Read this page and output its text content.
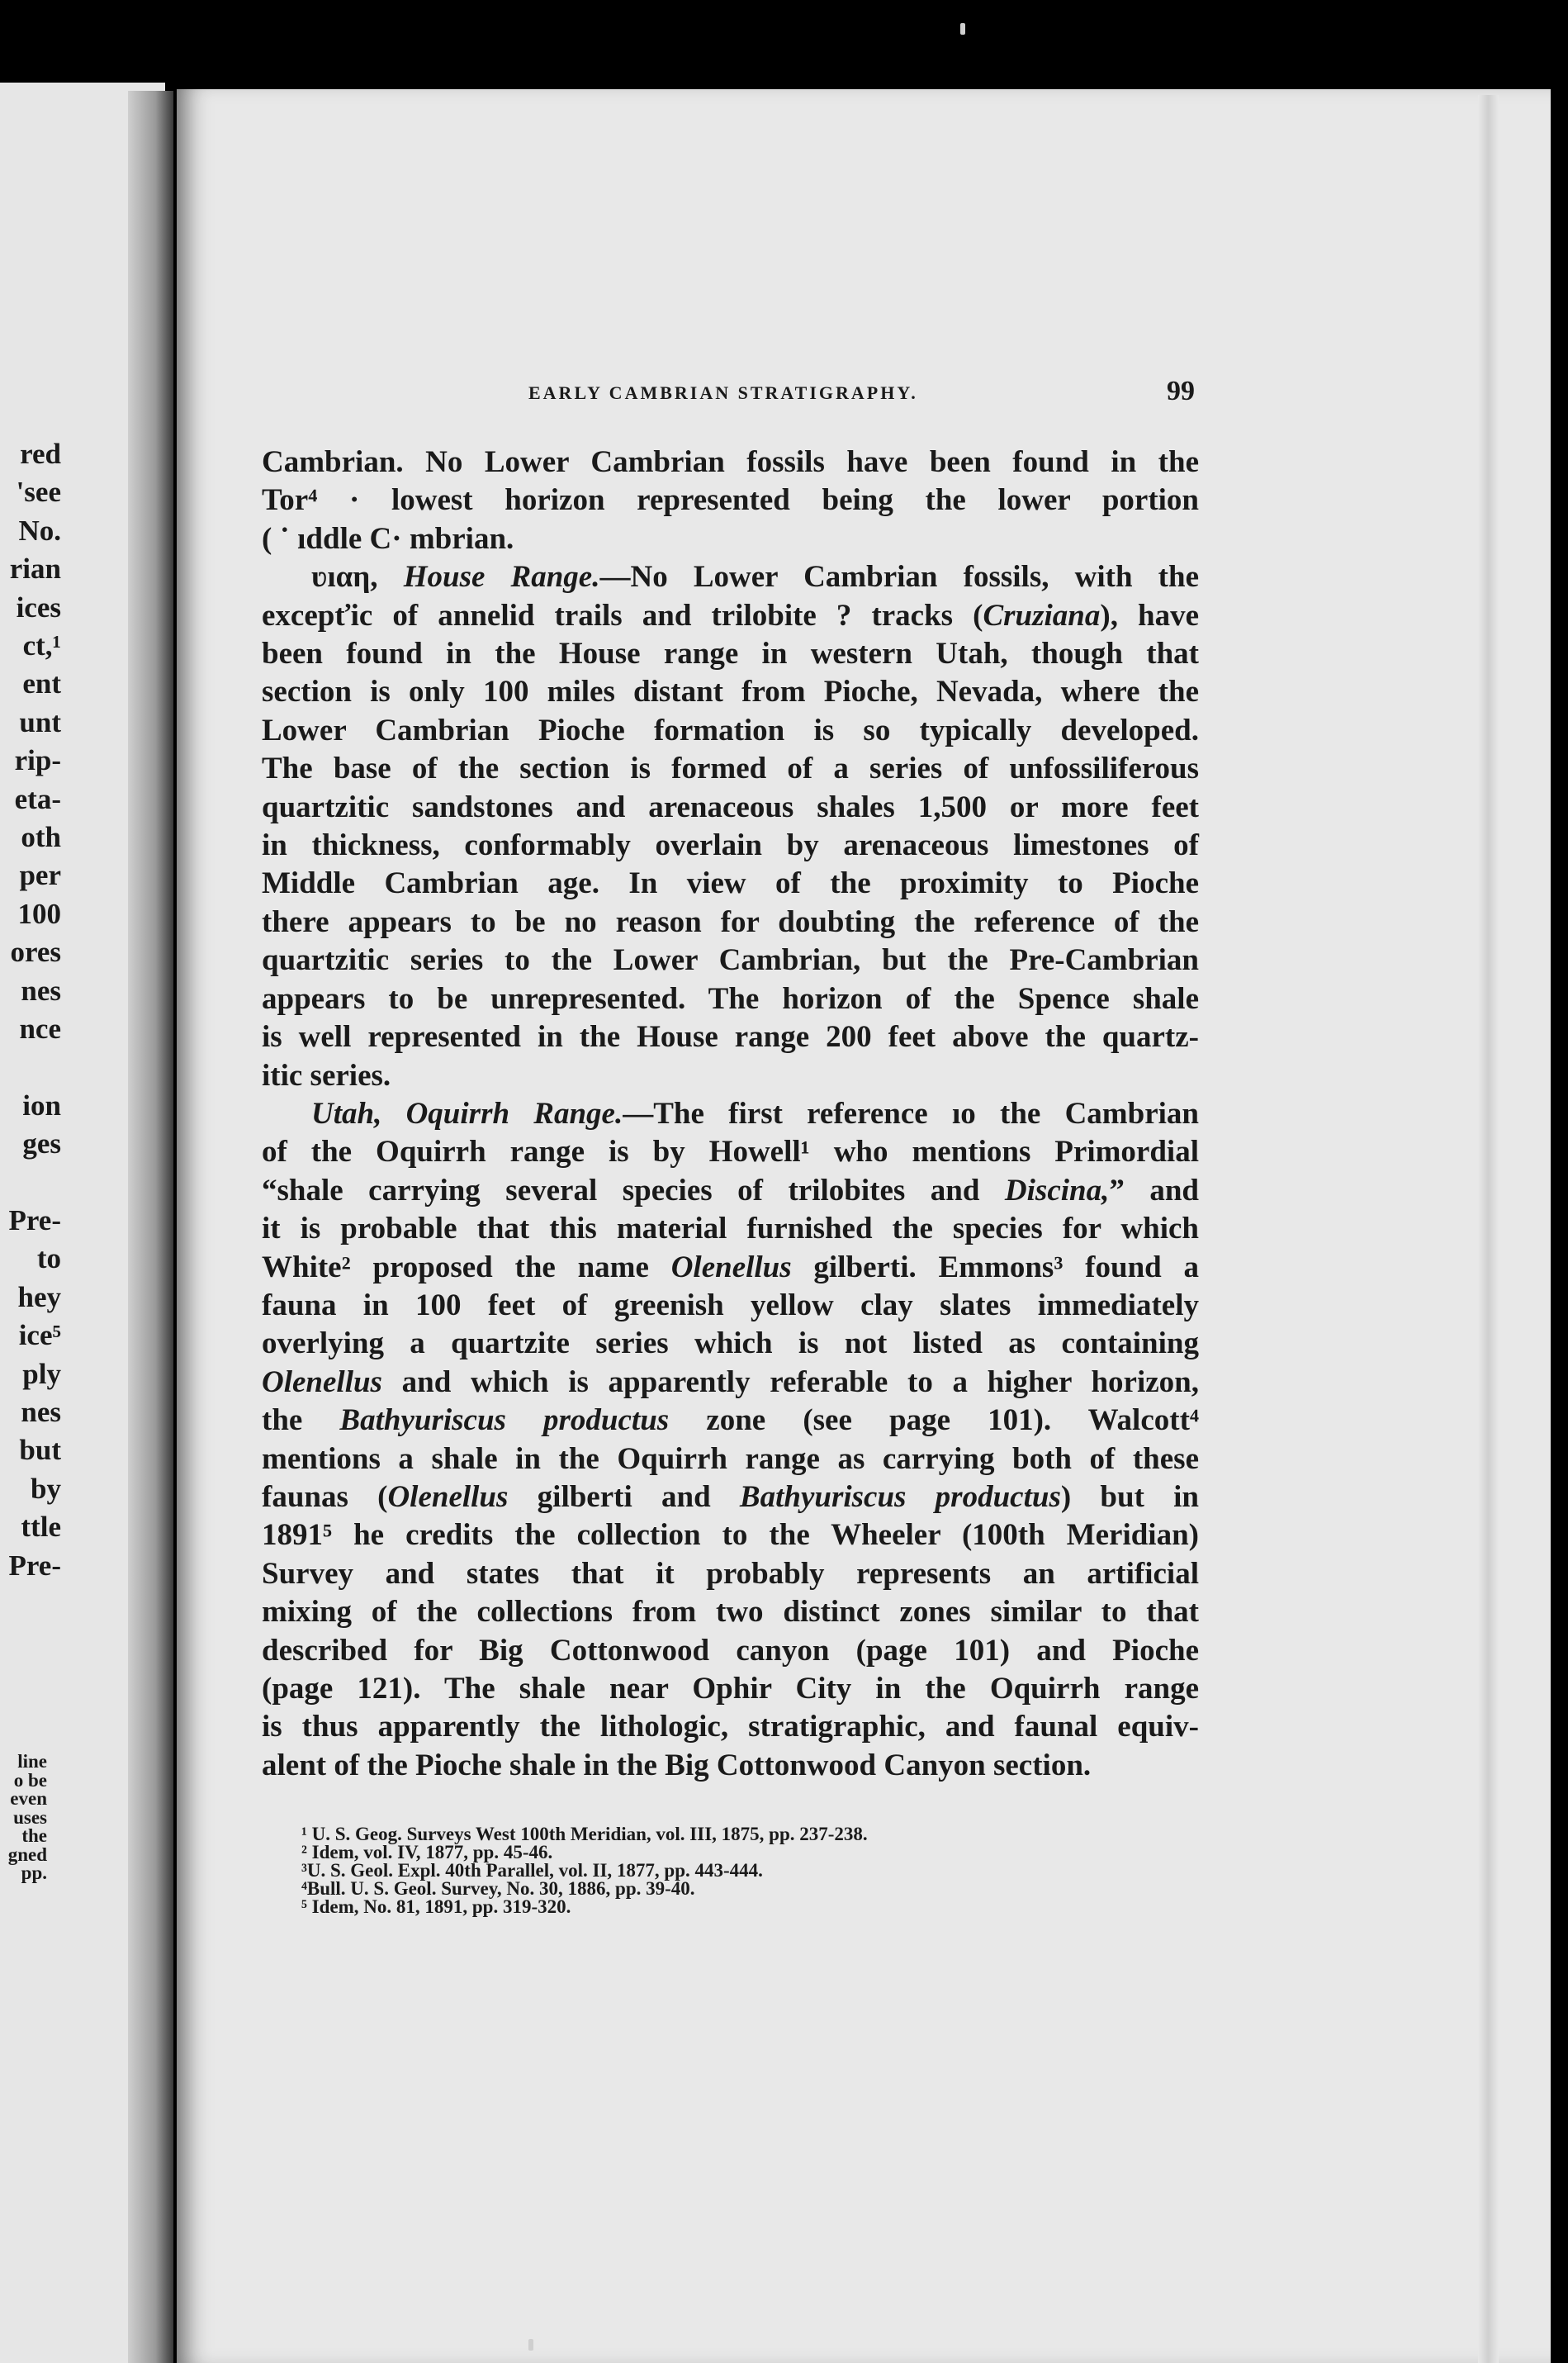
red
'see
No.
rian
ices
ct,¹
ent
unt
rip-
eta-
oth
per
100
ores
nes
nce
ion
ges
Pre-
to
hey
ice⁵
ply
nes
but
by
ttle
Pre-
line
o be
even
uses
the
gned
pp.
EARLY CAMBRIAN STRATIGRAPHY.	99
Cambrian. No Lower Cambrian fossils have been found in the
Tor⁴ · lowest horizon represented being the lower portion
( ˙ ıddle C· mbrian.
ʋıαη, House Range.—No Lower Cambrian fossils, with the
excepťic of annelid trails and trilobite ? tracks (Cruziana), have
been found in the House range in western Utah, though that
section is only 100 miles distant from Pioche, Nevada, where the
Lower Cambrian Pioche formation is so typically developed.
The base of the section is formed of a series of unfossiliferous
quartzitic sandstones and arenaceous shales 1,500 or more feet
in thickness, conformably overlain by arenaceous limestones of
Middle Cambrian age. In view of the proximity to Pioche
there appears to be no reason for doubting the reference of the
quartzitic series to the Lower Cambrian, but the Pre-Cambrian
appears to be unrepresented. The horizon of the Spence shale
is well represented in the House range 200 feet above the quartz-
itic series.
Utah, Oquirrh Range.—The first reference ıo the Cambrian
of the Oquirrh range is by Howell¹ who mentions Primordial
“shale carrying several species of trilobites and Discina,” and
it is probable that this material furnished the species for which
White² proposed the name Olenellus gilberti. Emmons³ found a
fauna in 100 feet of greenish yellow clay slates immediately
overlying a quartzite series which is not listed as containing
Olenellus and which is apparently referable to a higher horizon,
the Bathyuriscus productus zone (see page 101). Walcott⁴
mentions a shale in the Oquirrh range as carrying both of these
faunas (Olenellus gilberti and Bathyuriscus productus) but in
1891⁵ he credits the collection to the Wheeler (100th Meridian)
Survey and states that it probably represents an artificial
mixing of the collections from two distinct zones similar to that
described for Big Cottonwood canyon (page 101) and Pioche
(page 121). The shale near Ophir City in the Oquirrh range
is thus apparently the lithologic, stratigraphic, and faunal equiv-
alent of the Pioche shale in the Big Cottonwood Canyon section.
¹ U. S. Geog. Surveys West 100th Meridian, vol. III, 1875, pp. 237-238.
² Idem, vol. IV, 1877, pp. 45-46.
³U. S. Geol. Expl. 40th Parallel, vol. II, 1877, pp. 443-444.
⁴Bull. U. S. Geol. Survey, No. 30, 1886, pp. 39-40.
⁵ Idem, No. 81, 1891, pp. 319-320.
